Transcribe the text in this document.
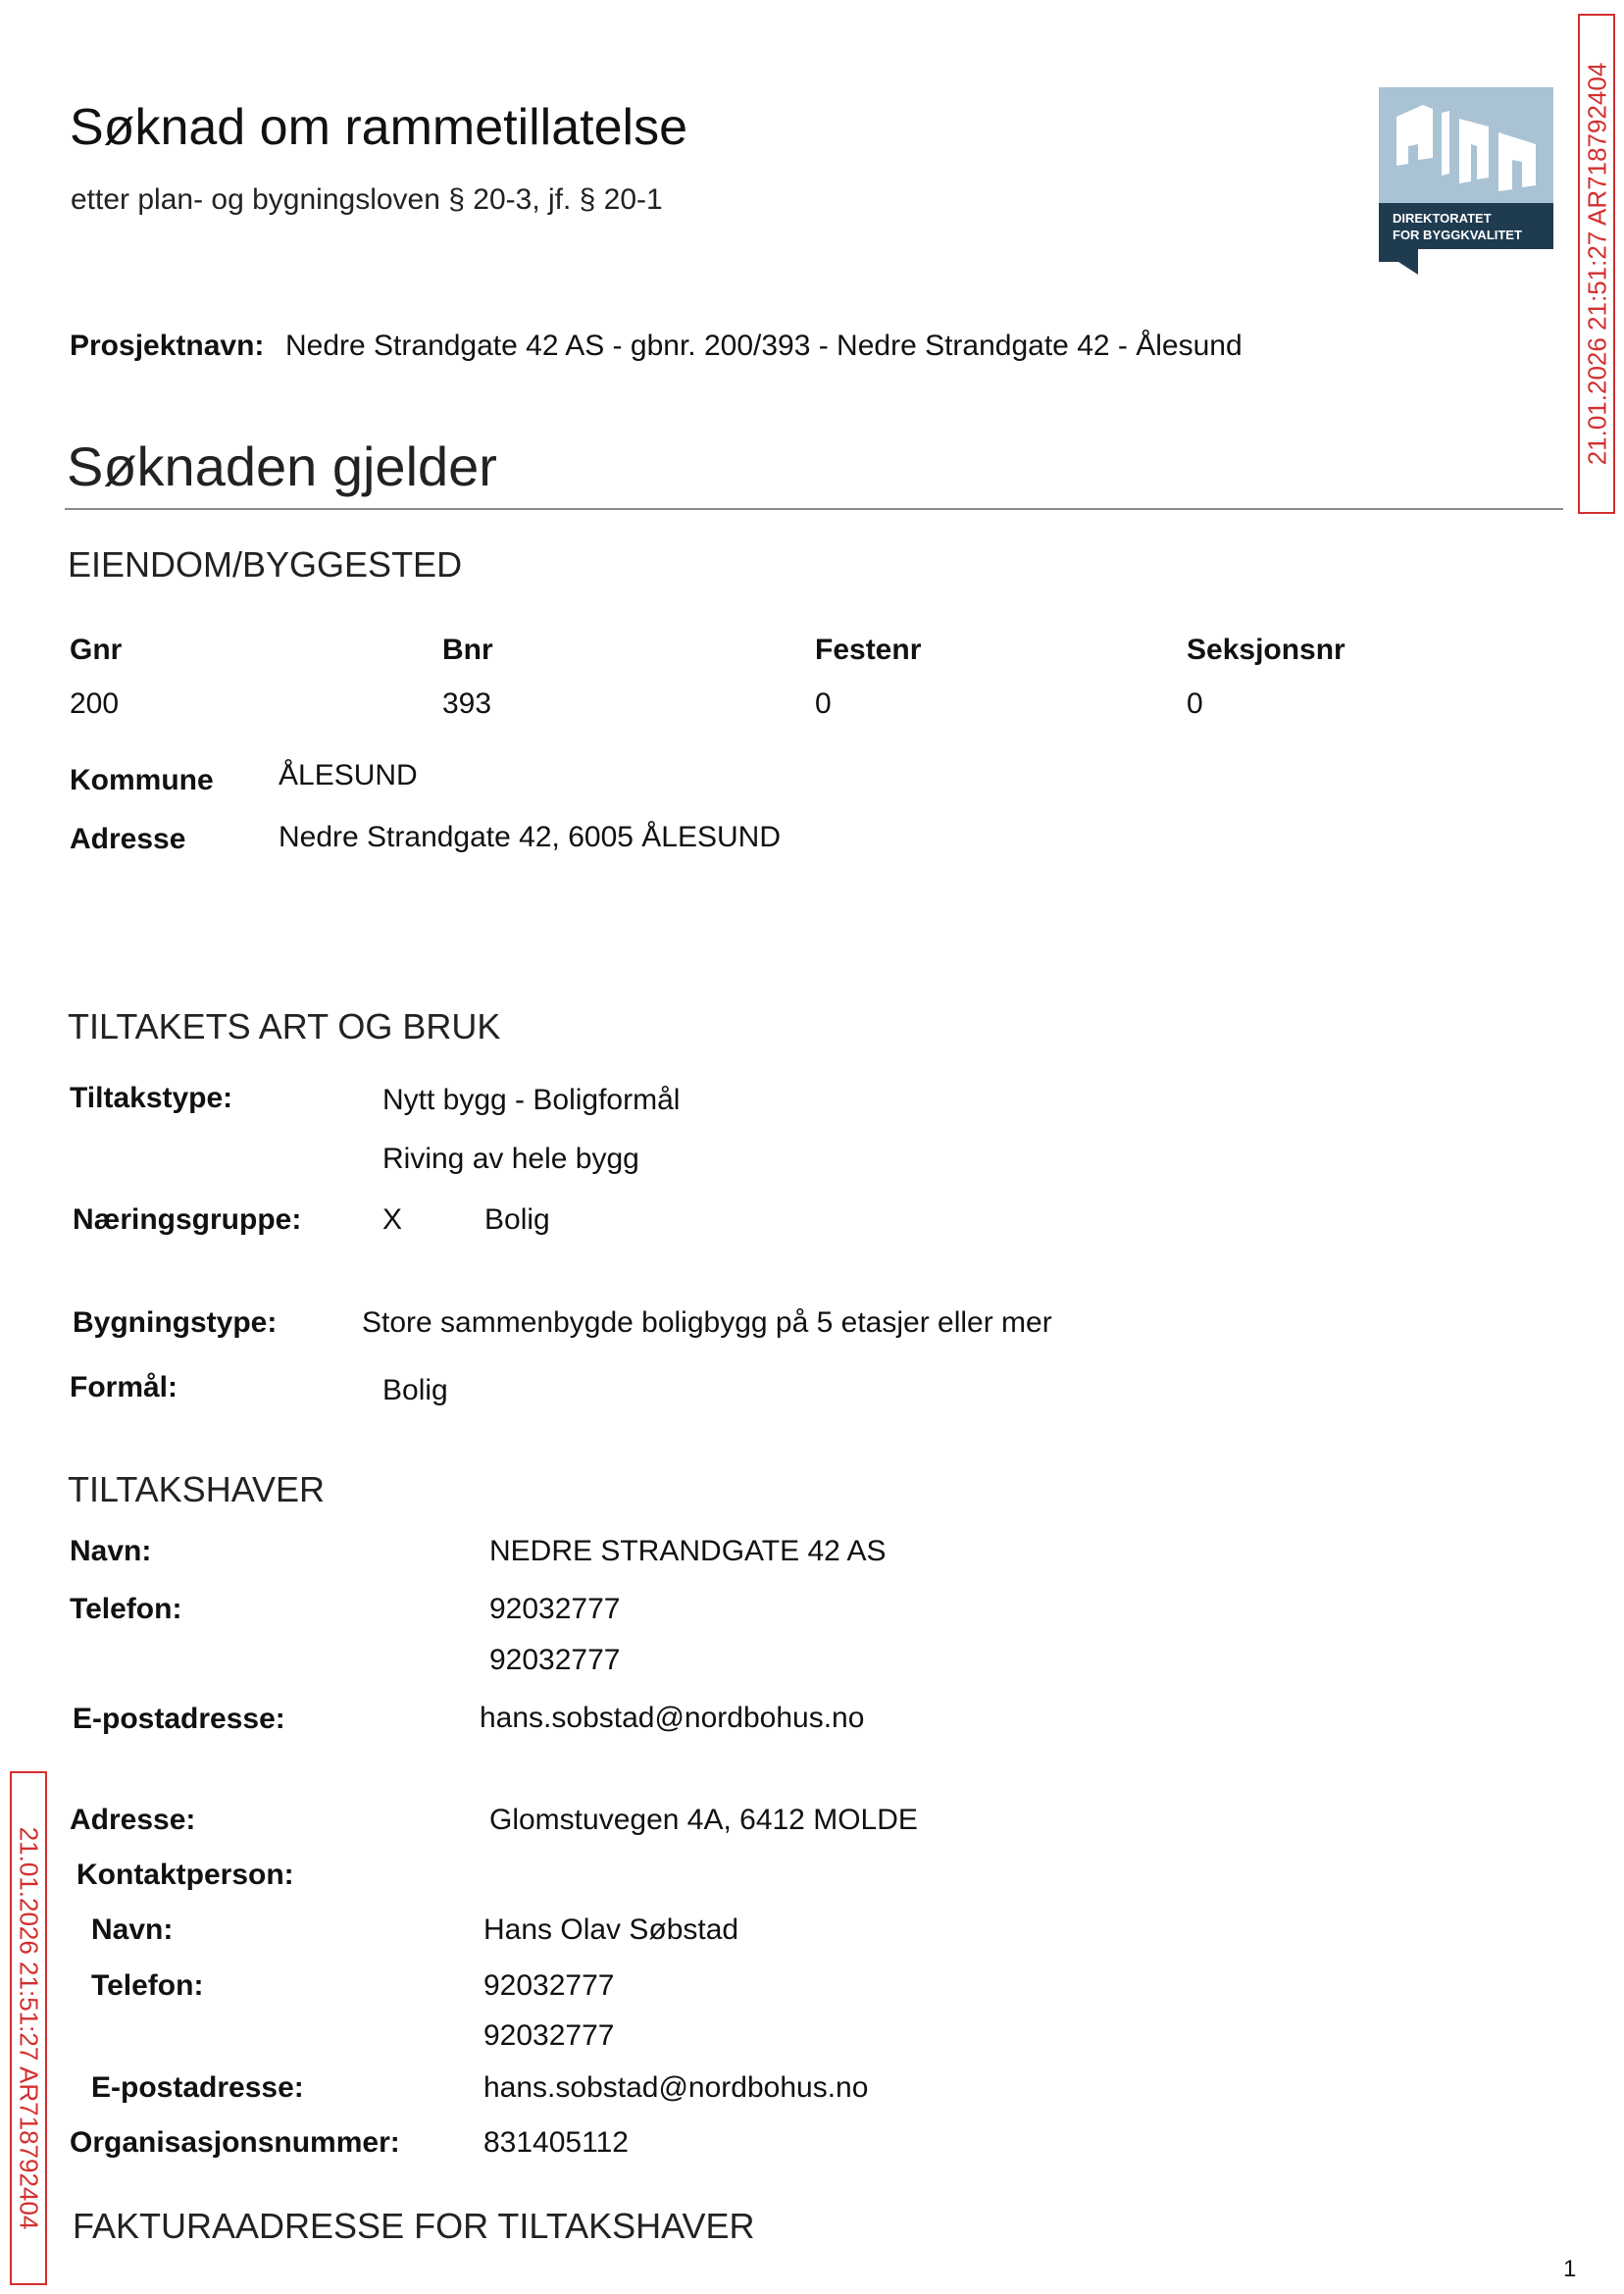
Søknad om rammetillatelse
etter plan- og bygningsloven § 20-3, jf. § 20-1
DIREKTORATET
FOR BYGGKVALITET 21.01.2026 21:51:27 AR718792404
21.01.2026 21:51:27 AR718792404
Prosjektnavn: Nedre Strandgate 42 AS - gbnr. 200/393 - Nedre Strandgate 42 - Ålesund
Søknaden gjelder
EIENDOM/BYGGESTED
Gnr	Bnr	Festenr	Seksjonsnr
200	393	0	0
Kommune ÅLESUND
Adresse	Nedre Strandgate 42, 6005 ÅLESUND
TILTAKETS ART OG BRUK
Tiltakstype:	Nytt bygg - Boligformål
Riving av hele bygg
Næringsgruppe:	X	Bolig
Bygningstype:	Store sammenbygde boligbygg på 5 etasjer eller mer
Formål:	Bolig
TILTAKSHAVER
Navn:	NEDRE STRANDGATE 42 AS
Telefon:	92032777
92032777
E-postadresse:	hans.sobstad@nordbohus.no
Adresse:	Glomstuvegen 4A, 6412 MOLDE
Kontaktperson:
Navn:	Hans Olav Søbstad
Telefon:	92032777
92032777
E-postadresse:	hans.sobstad@nordbohus.no
Organisasjonsnummer:	831405112
FAKTURAADRESSE FOR TILTAKSHAVER
1
